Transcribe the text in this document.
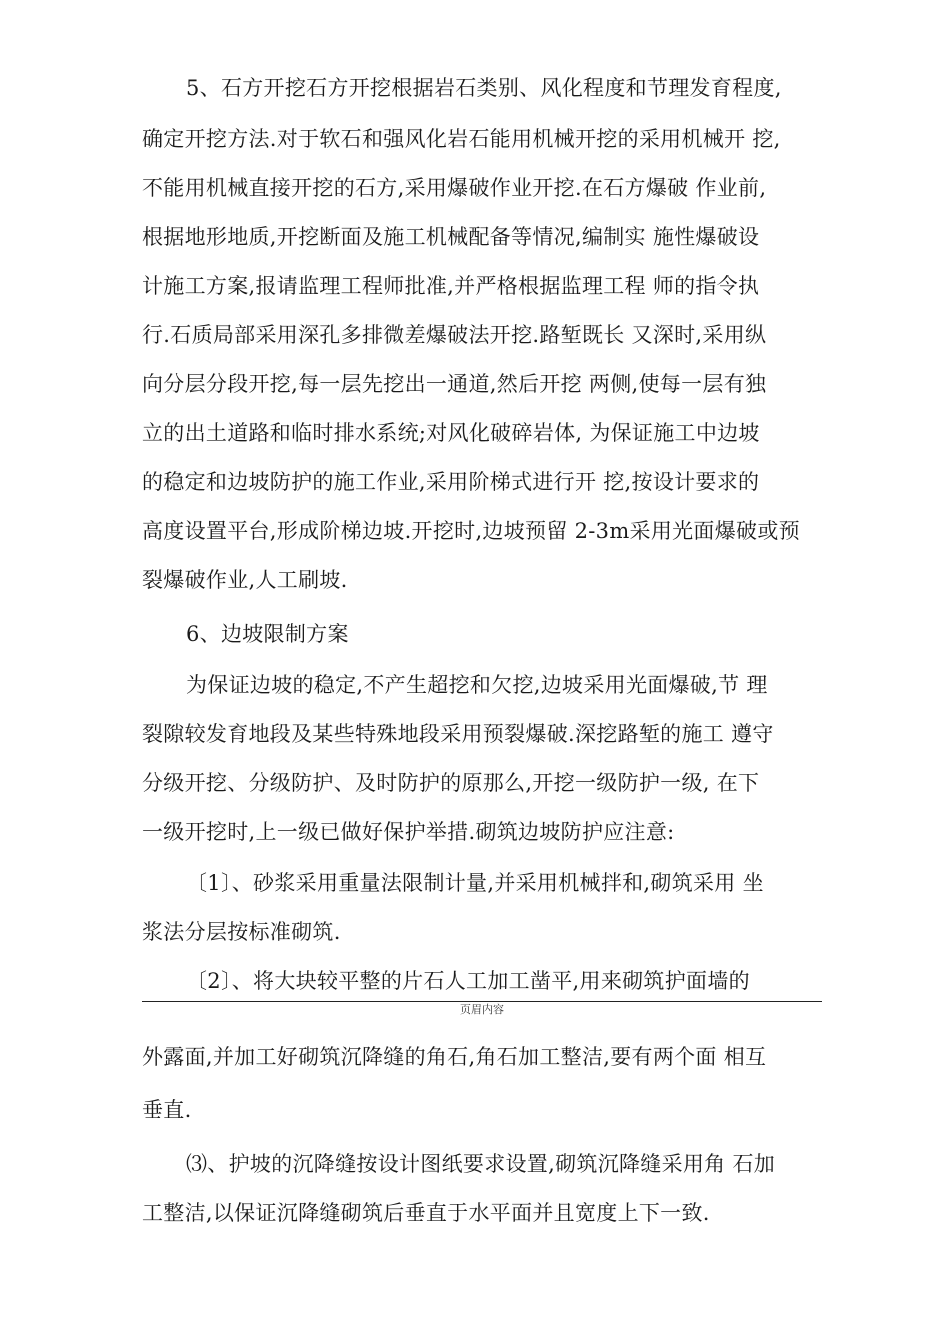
5、石方开挖石方开挖根据岩石类别、风化程度和节理发育程度,
确定开挖方法.对于软石和强风化岩石能用机械开挖的采用机械开 挖,
不能用机械直接开挖的石方,采用爆破作业开挖.在石方爆破 作业前,
根据地形地质,开挖断面及施工机械配备等情况,编制实 施性爆破设
计施工方案,报请监理工程师批准,并严格根据监理工程 师的指令执
行.石质局部采用深孔多排微差爆破法开挖.路堑既长 又深时,采用纵
向分层分段开挖,每一层先挖出一通道,然后开挖 两侧,使每一层有独
立的出土道路和临时排水系统;对风化破碎岩体, 为保证施工中边坡
的稳定和边坡防护的施工作业,采用阶梯式进行开 挖,按设计要求的
高度设置平台,形成阶梯边坡.开挖时,边坡预留 2-3m采用光面爆破或预
裂爆破作业,人工刷坡.
6、边坡限制方案
为保证边坡的稳定,不产生超挖和欠挖,边坡采用光面爆破,节 理
裂隙较发育地段及某些特殊地段采用预裂爆破.深挖路堑的施工 遵守
分级开挖、分级防护、及时防护的原那么,开挖一级防护一级, 在下
一级开挖时,上一级已做好保护举措.砌筑边坡防护应注意:
〔1〕、砂浆采用重量法限制计量,并采用机械拌和,砌筑采用 坐
浆法分层按标准砌筑.
〔2〕、将大块较平整的片石人工加工凿平,用来砌筑护面墙的
页眉内容
外露面,并加工好砌筑沉降缝的角石,角石加工整洁,要有两个面 相互
垂直.
⑶、护坡的沉降缝按设计图纸要求设置,砌筑沉降缝采用角 石加
工整洁,以保证沉降缝砌筑后垂直于水平面并且宽度上下一致.
